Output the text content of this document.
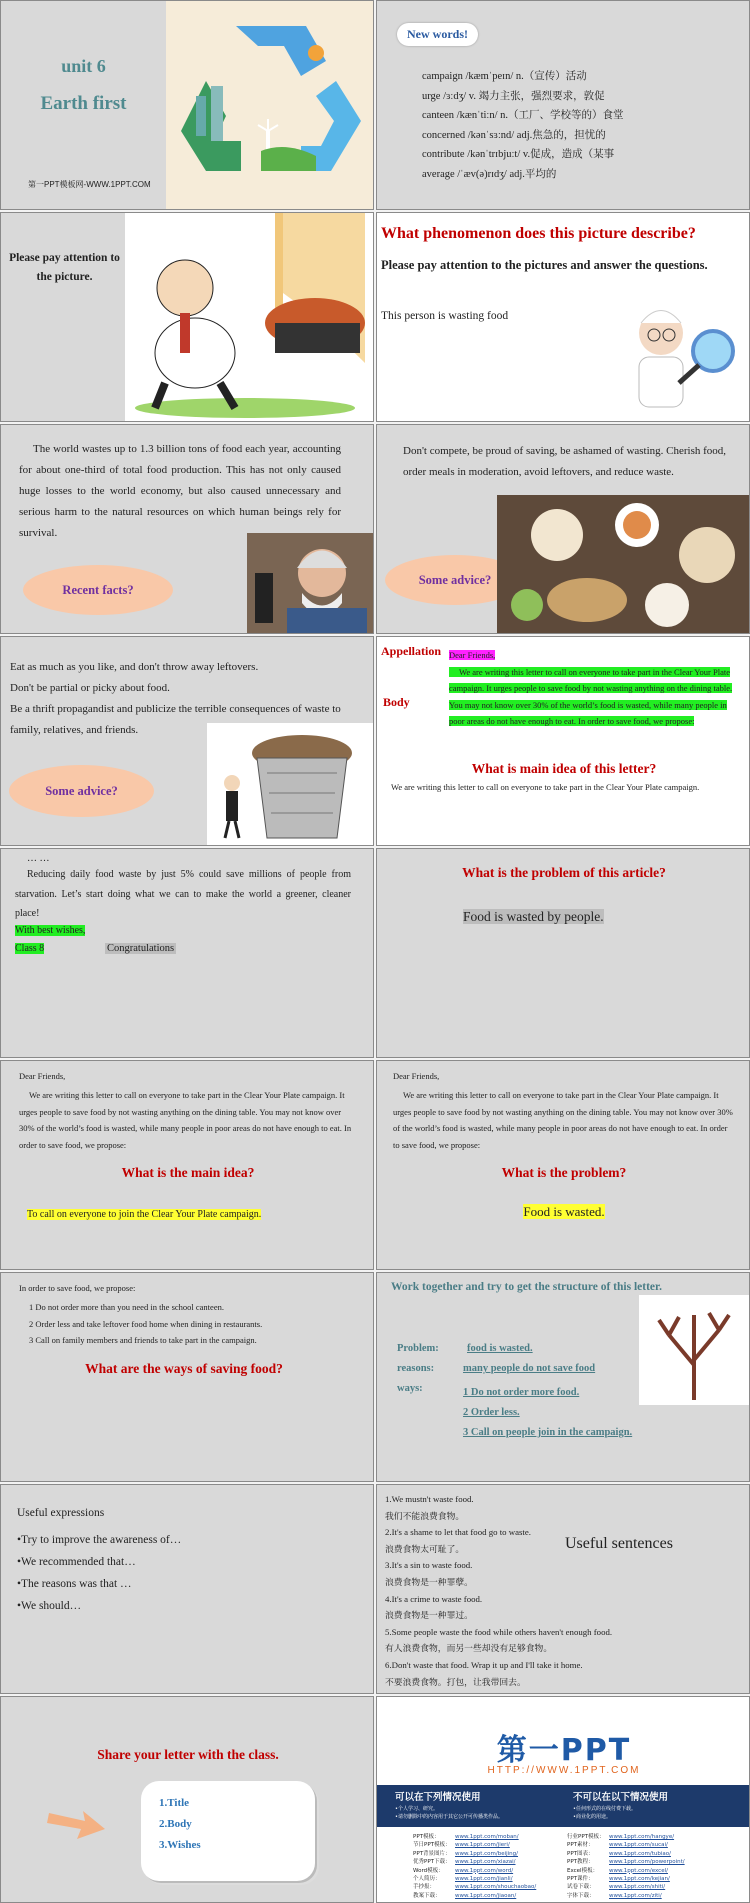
unit 6
Earth first
第一PPT模板网-WWW.1PPT.COM
New words!
campaign /kæmˈpeɪn/ n.（宣传）活动
urge /ɜːdʒ/ v. 竭力主张，强烈要求，敦促
canteen /kænˈtiːn/ n.（工厂、学校等的）食堂
concerned /kənˈsɜːnd/ adj.焦急的，担忧的
contribute /kənˈtrɪbjuːt/ v.促成，造成（某事
average /ˈæv(ə)rɪdʒ/ adj.平均的
Please pay attention to the picture.
What phenomenon does this picture describe?
Please pay attention to the pictures and answer the questions.
This person is wasting food
The world wastes up to 1.3 billion tons of food each year, accounting for about one-third of total food production. This has not only caused huge losses to the world economy, but also caused unnecessary and serious harm to the natural resources on which human beings rely for survival.
Recent facts?
Don't compete, be proud of saving, be ashamed of wasting. Cherish food, order meals in moderation, avoid leftovers, and reduce waste.
Some advice?
Eat as much as you like, and don't throw away leftovers.
Don't be partial or picky about food.
Be a thrift propagandist and publicize the terrible consequences of waste to family, relatives, and friends.
Some advice?
Appellation
Body
Dear Friends,
We are writing this letter to call on everyone to take part in the Clear Your Plate campaign. It urges people to save food by not wasting anything on the dining table. You may not know over 30% of the world’s food is wasted, while many people in poor areas do not have enough to eat. In order to save food, we propose:
What is main idea of this letter?
We are writing this letter to call on everyone to take part in the Clear Your Plate campaign.
… …
Reducing daily food waste by just 5% could save millions of people from starvation. Let’s start doing what we can to make the world a greener, cleaner place!
With best wishes,
Class 8	Congratulations
What is the problem of this article?
Food is wasted by people.
Dear Friends,
We are writing this letter to call on everyone to take part in the Clear Your Plate campaign. It urges people to save food by not wasting anything on the dining table. You may not know over 30% of the world’s food is wasted, while many people in poor areas do not have enough to eat. In order to save food, we propose:
What is the main idea?
To call on everyone to join the Clear Your Plate campaign.
Dear Friends,
We are writing this letter to call on everyone to take part in the Clear Your Plate campaign. It urges people to save food by not wasting anything on the dining table. You may not know over 30% of the world’s food is wasted, while many people in poor areas do not have enough to eat. In order to save food, we propose:
What is the problem?
Food is wasted.
In order to save food, we propose:
1 Do not order more than you need in the school canteen.
2 Order less and take leftover food home when dining in restaurants.
3 Call on family members and friends to take part in the campaign.
What are the ways of saving food?
Work together and try to get the structure of this letter.
Problem:	food is wasted.
reasons:	many people do not save food
ways:	1 Do not order more food.
2 Order less.
3 Call on people join in the campaign.
Useful expressions
•Try to improve the awareness of…
•We recommended that…
•The reasons was that …
•We should…
Useful sentences
1.We mustn't waste food.
我们不能浪费食物。
2.It's a shame to let that food go to waste.
浪费食物太可耻了。
3.It's a sin to waste food.
浪费食物是一种罪孽。
4.It's a crime to waste food.
浪费食物是一种罪过。
5.Some people waste the food while others haven't enough food.
有人浪费食物，而另一些却没有足够食物。
6.Don't waste that food. Wrap it up and I'll take it home.
不要浪费食物。打包，让我带回去。
Share your letter with the class.
1.Title
2.Body
3.Wishes
第一PPT
HTTP://WWW.1PPT.COM
可以在下列情况使用
•个人学习、研究。
•请勿删除中的内容用于其它公开可传播类作品。
不可以在以下情况使用
•任何形式的在线付费下载。
•商业化的用途。
PPT模板：	www.1ppt.com/moban/
节日PPT模板： www.1ppt.com/jieri/
PPT背景图片： www.1ppt.com/beijing/
优秀PPT下载： www.1ppt.com/xiazai/
Word模板： www.1ppt.com/word/
个人简历：	www.1ppt.com/jianli/
手抄报：	www.1ppt.com/shouchaobao/
教案下载：	www.1ppt.com/jiaoan/
行业PPT模板： www.1ppt.com/hangye/
PPT素材：	www.1ppt.com/sucai/
PPT图表：	www.1ppt.com/tubiao/
PPT教程：	www.1ppt.com/powerpoint/
Excel模板： www.1ppt.com/excel/
PPT课件：	www.1ppt.com/kejian/
试卷下载：	www.1ppt.com/shiti/
字体下载：	www.1ppt.com/ziti/
